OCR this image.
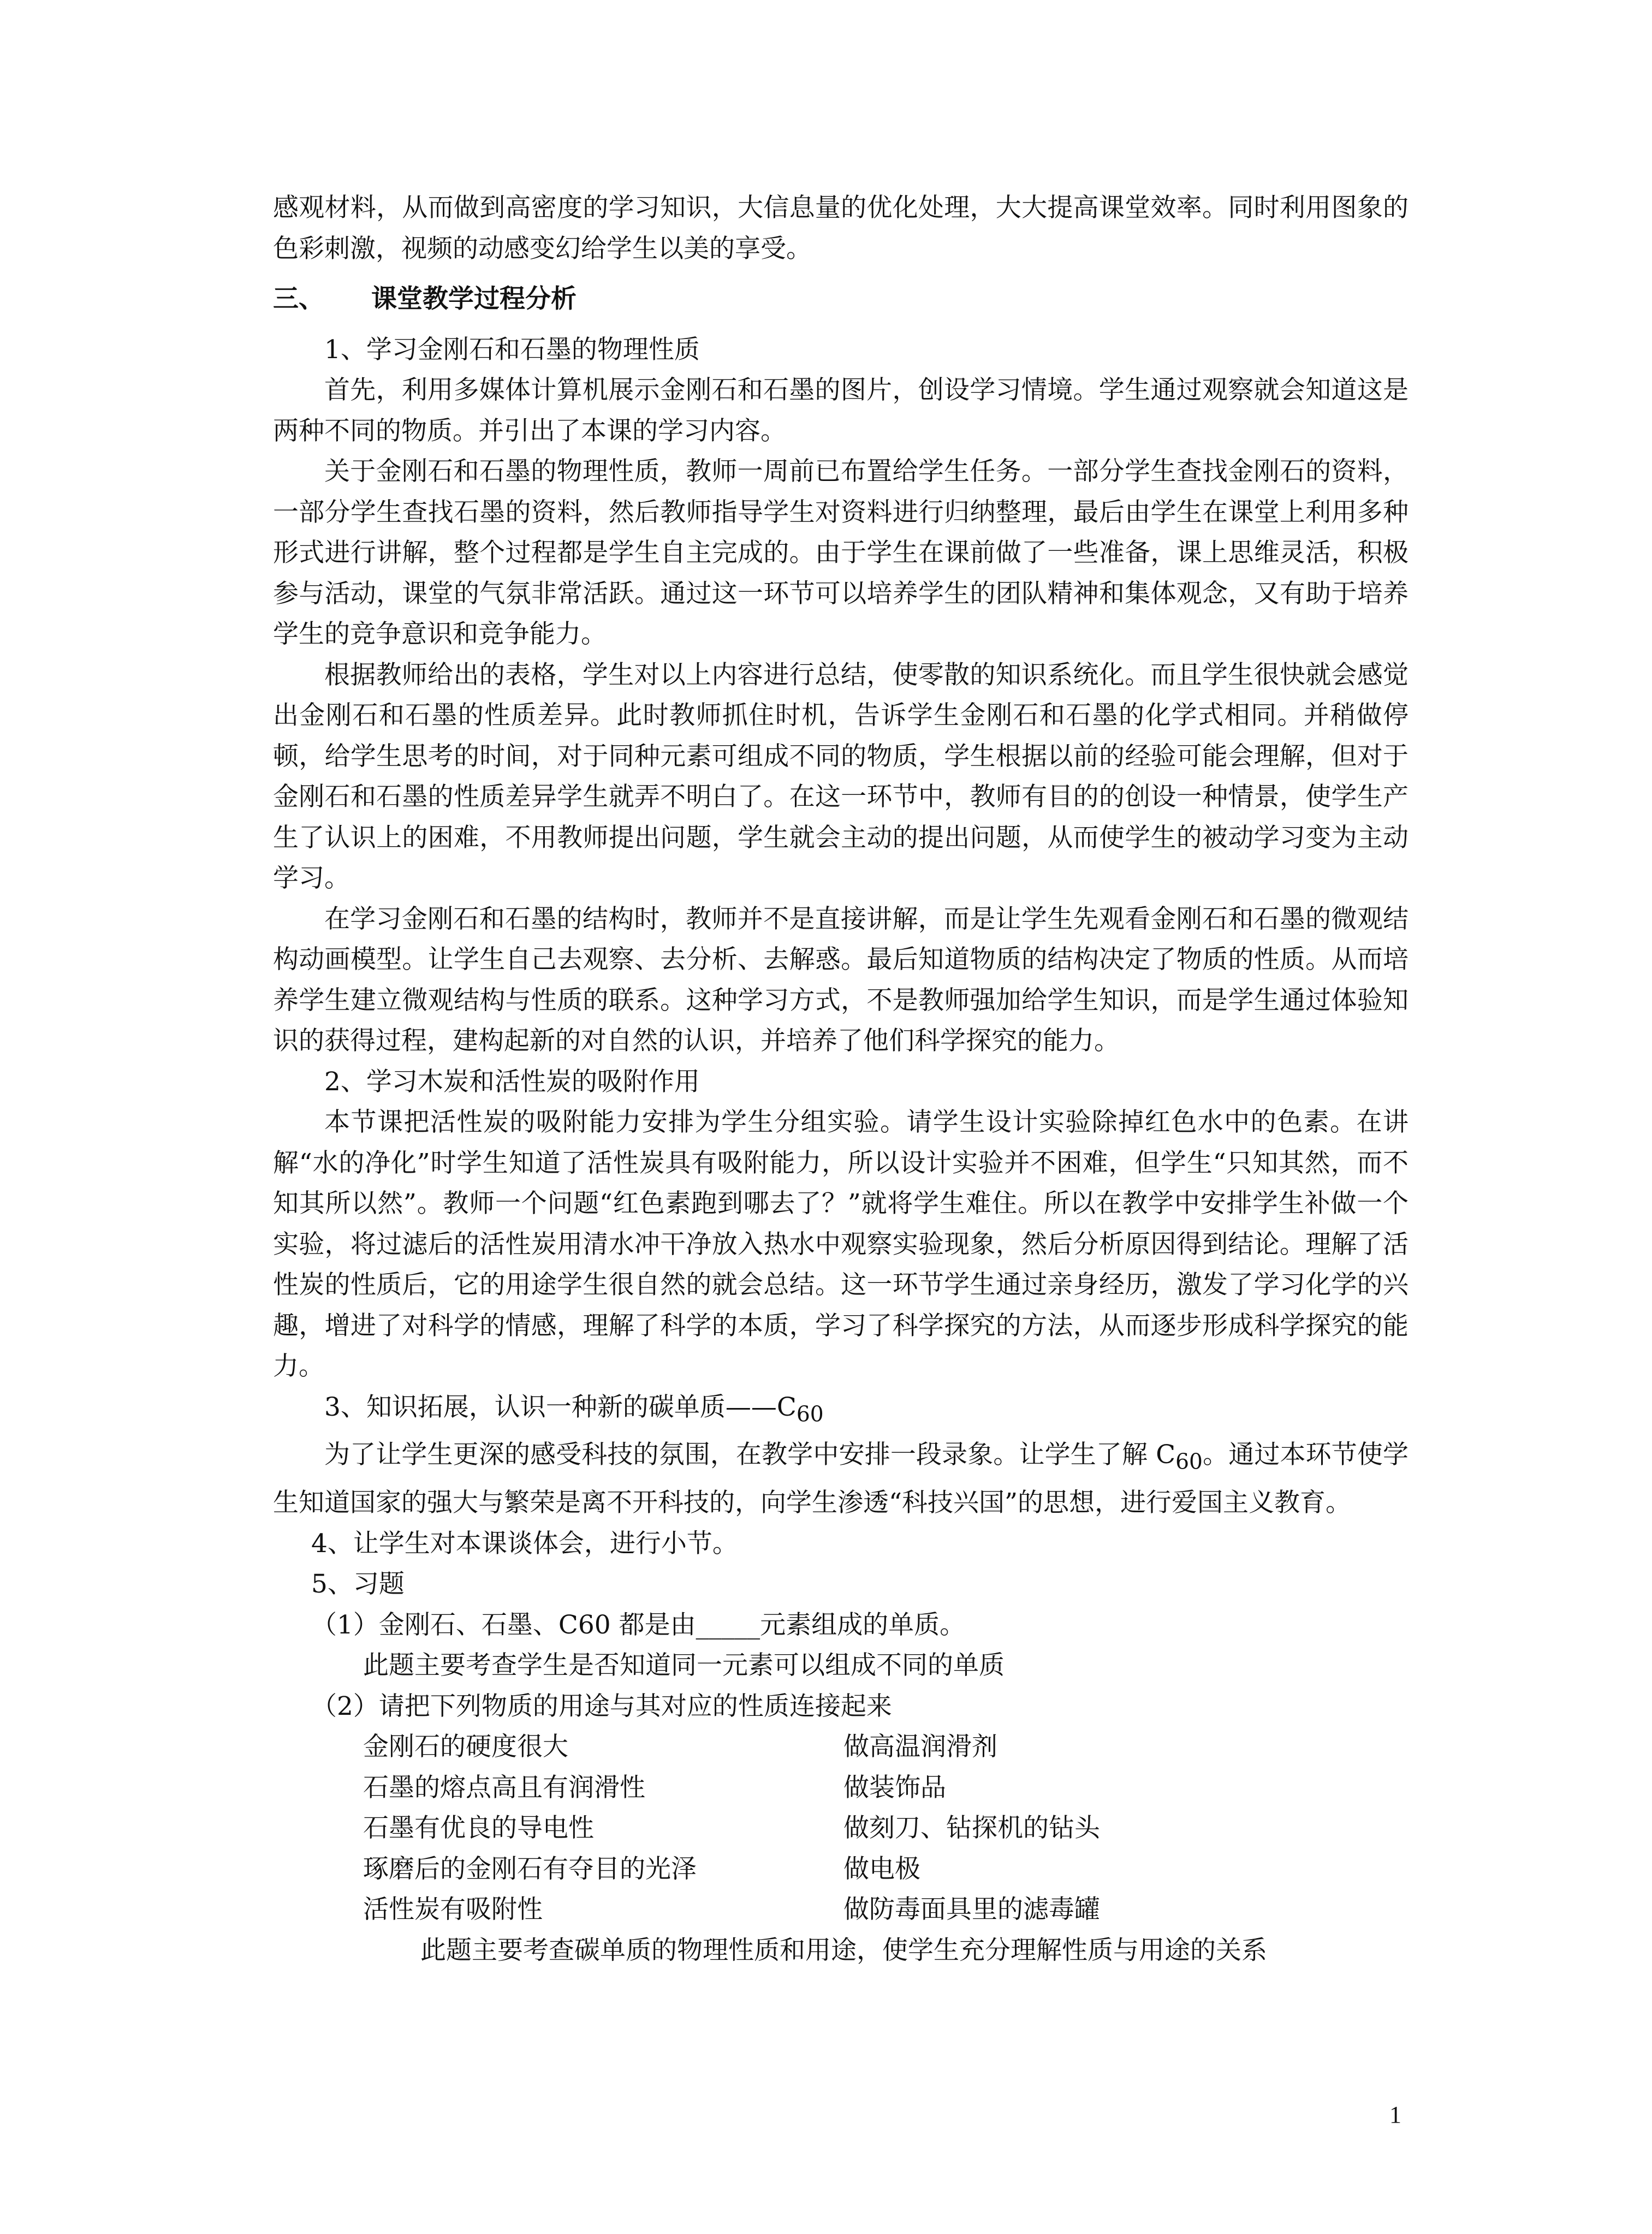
感观材料，从而做到高密度的学习知识，大信息量的优化处理，大大提高课堂效率。同时利用图象的色彩刺激，视频的动感变幻给学生以美的享受。

三、 课堂教学过程分析

1、学习金刚石和石墨的物理性质

首先，利用多媒体计算机展示金刚石和石墨的图片，创设学习情境。学生通过观察就会知道这是两种不同的物质。并引出了本课的学习内容。

关于金刚石和石墨的物理性质，教师一周前已布置给学生任务。一部分学生查找金刚石的资料，一部分学生查找石墨的资料，然后教师指导学生对资料进行归纳整理，最后由学生在课堂上利用多种形式进行讲解，整个过程都是学生自主完成的。由于学生在课前做了一些准备，课上思维灵活，积极参与活动，课堂的气氛非常活跃。通过这一环节可以培养学生的团队精神和集体观念，又有助于培养学生的竞争意识和竞争能力。

根据教师给出的表格，学生对以上内容进行总结，使零散的知识系统化。而且学生很快就会感觉出金刚石和石墨的性质差异。此时教师抓住时机，告诉学生金刚石和石墨的化学式相同。并稍做停顿，给学生思考的时间，对于同种元素可组成不同的物质，学生根据以前的经验可能会理解，但对于金刚石和石墨的性质差异学生就弄不明白了。在这一环节中，教师有目的的创设一种情景，使学生产生了认识上的困难，不用教师提出问题，学生就会主动的提出问题，从而使学生的被动学习变为主动学习。

在学习金刚石和石墨的结构时，教师并不是直接讲解，而是让学生先观看金刚石和石墨的微观结构动画模型。让学生自己去观察、去分析、去解惑。最后知道物质的结构决定了物质的性质。从而培养学生建立微观结构与性质的联系。这种学习方式，不是教师强加给学生知识，而是学生通过体验知识的获得过程，建构起新的对自然的认识，并培养了他们科学探究的能力。

2、学习木炭和活性炭的吸附作用

本节课把活性炭的吸附能力安排为学生分组实验。请学生设计实验除掉红色水中的色素。在讲解“水的净化”时学生知道了活性炭具有吸附能力，所以设计实验并不困难，但学生“只知其然，而不知其所以然”。教师一个问题“红色素跑到哪去了？”就将学生难住。所以在教学中安排学生补做一个实验，将过滤后的活性炭用清水冲干净放入热水中观察实验现象，然后分析原因得到结论。理解了活性炭的性质后，它的用途学生很自然的就会总结。这一环节学生通过亲身经历，激发了学习化学的兴趣，增进了对科学的情感，理解了科学的本质，学习了科学探究的方法，从而逐步形成科学探究的能力。

3、知识拓展，认识一种新的碳单质$——C_{60}$

为了让学生更深的感受科技的氛围，在教学中安排一段录象。让学生了解 $C_{60}$。通过本环节使学生知道国家的强大与繁荣是离不开科技的，向学生渗透“科技兴国”的思想，进行爱国主义教育。

4、让学生对本课谈体会，进行小节。

5、习题

（1）金刚石、石墨、C60 都是由_____元素组成的单质。

此题主要考查学生是否知道同一元素可以组成不同的单质

（2）请把下列物质的用途与其对应的性质连接起来

金刚石的硬度很大	做高温润滑剂
石墨的熔点高且有润滑性	做装饰品
石墨有优良的导电性	做刻刀、钻探机的钻头
琢磨后的金刚石有夺目的光泽	做电极
活性炭有吸附性	做防毒面具里的滤毒罐

此题主要考查碳单质的物理性质和用途，使学生充分理解性质与用途的关系

1
